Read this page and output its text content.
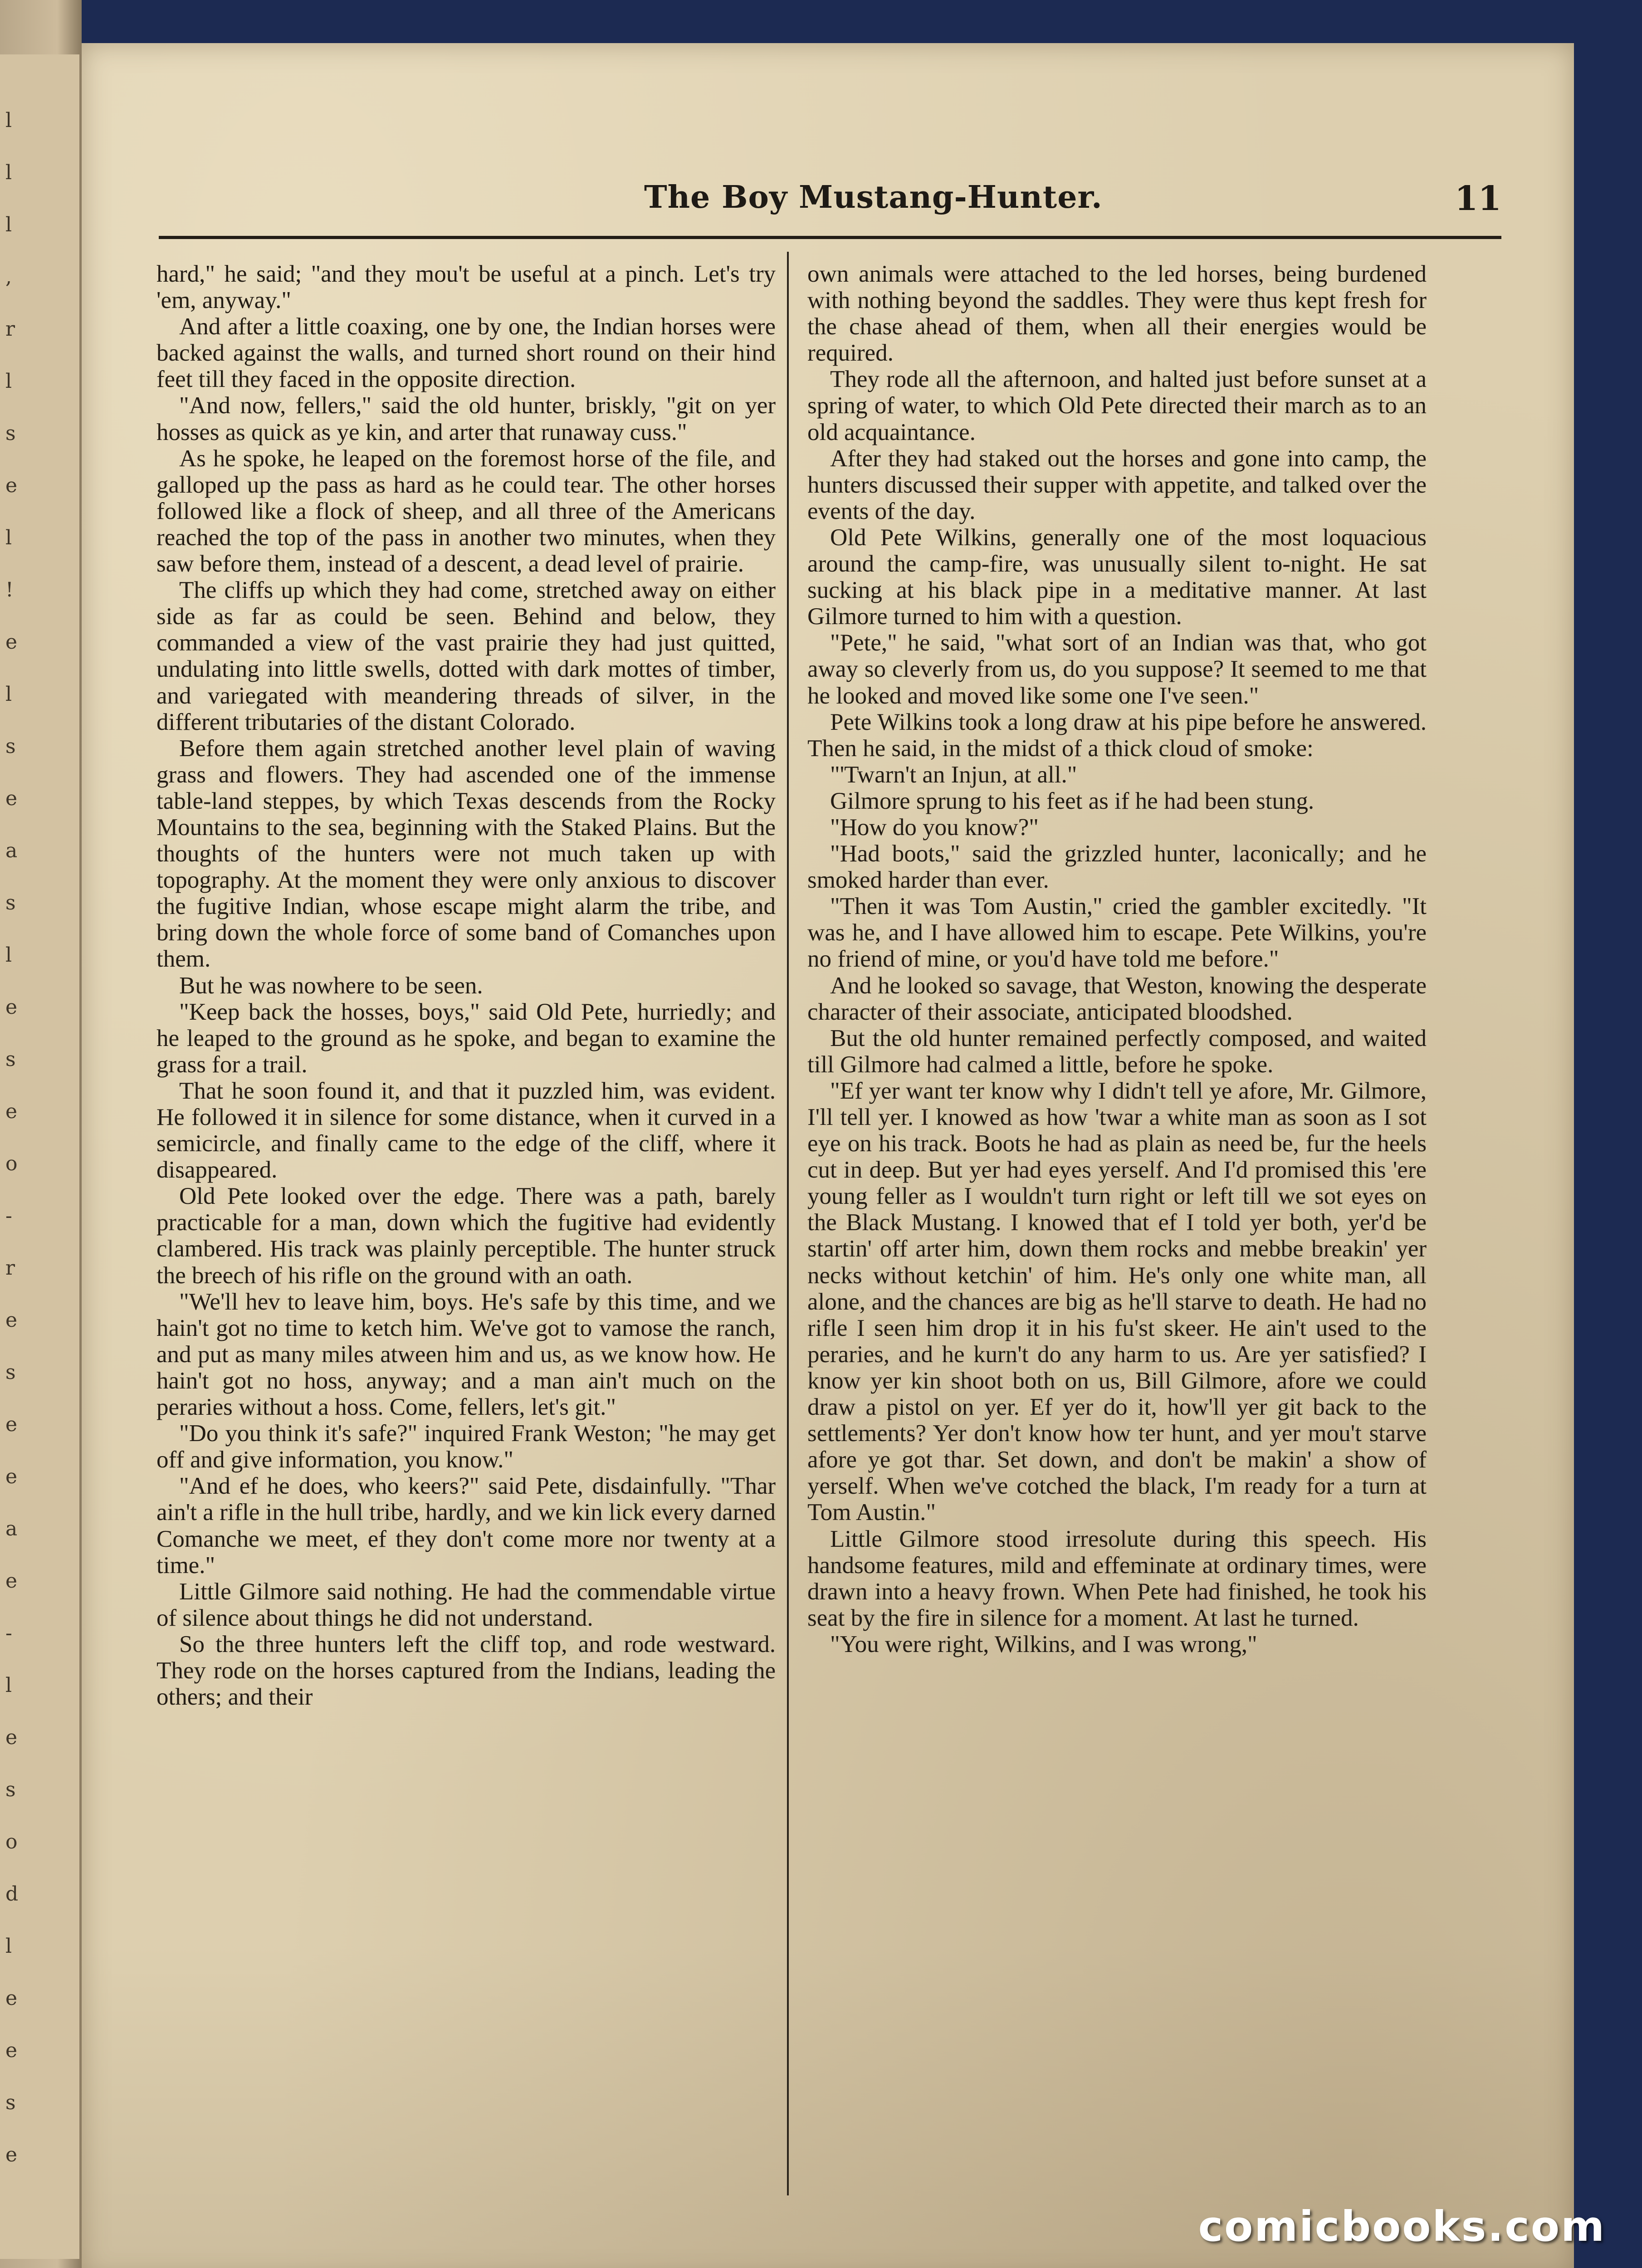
l
l
l
,
r
l
s
e
l
!
e
l
s
e
a
s
l
e
s
e
o
-
r
e
s
e
e
a
e
-
l
e
s
o
d
l
e
e
s
e
The Boy Mustang-Hunter.	11

hard," he said; "and they mou't be useful at a pinch. Let's try 'em, anyway."

And after a little coaxing, one by one, the Indian horses were backed against the walls, and turned short round on their hind feet till they faced in the opposite direction.

"And now, fellers," said the old hunter, briskly, "git on yer hosses as quick as ye kin, and arter that runaway cuss."

As he spoke, he leaped on the foremost horse of the file, and galloped up the pass as hard as he could tear. The other horses followed like a flock of sheep, and all three of the Americans reached the top of the pass in another two minutes, when they saw before them, instead of a descent, a dead level of prairie.

The cliffs up which they had come, stretched away on either side as far as could be seen. Behind and below, they commanded a view of the vast prairie they had just quitted, undulating into little swells, dotted with dark mottes of timber, and variegated with meandering threads of silver, in the different tributaries of the distant Colorado.

Before them again stretched another level plain of waving grass and flowers. They had ascended one of the immense table-land steppes, by which Texas descends from the Rocky Mountains to the sea, beginning with the Staked Plains. But the thoughts of the hunters were not much taken up with topography. At the moment they were only anxious to discover the fugitive Indian, whose escape might alarm the tribe, and bring down the whole force of some band of Comanches upon them.

But he was nowhere to be seen.

"Keep back the hosses, boys," said Old Pete, hurriedly; and he leaped to the ground as he spoke, and began to examine the grass for a trail.

That he soon found it, and that it puzzled him, was evident. He followed it in silence for some distance, when it curved in a semicircle, and finally came to the edge of the cliff, where it disappeared.

Old Pete looked over the edge. There was a path, barely practicable for a man, down which the fugitive had evidently clambered. His track was plainly perceptible. The hunter struck the breech of his rifle on the ground with an oath.

"We'll hev to leave him, boys. He's safe by this time, and we hain't got no time to ketch him. We've got to vamose the ranch, and put as many miles atween him and us, as we know how. He hain't got no hoss, anyway; and a man ain't much on the peraries without a hoss. Come, fellers, let's git."

"Do you think it's safe?" inquired Frank Weston; "he may get off and give information, you know."

"And ef he does, who keers?" said Pete, disdainfully. "Thar ain't a rifle in the hull tribe, hardly, and we kin lick every darned Comanche we meet, ef they don't come more nor twenty at a time."

Little Gilmore said nothing. He had the commendable virtue of silence about things he did not understand.

So the three hunters left the cliff top, and rode westward. They rode on the horses captured from the Indians, leading the others; and their

own animals were attached to the led horses, being burdened with nothing beyond the saddles. They were thus kept fresh for the chase ahead of them, when all their energies would be required.

They rode all the afternoon, and halted just before sunset at a spring of water, to which Old Pete directed their march as to an old acquaintance.

After they had staked out the horses and gone into camp, the hunters discussed their supper with appetite, and talked over the events of the day.

Old Pete Wilkins, generally one of the most loquacious around the camp-fire, was unusually silent to-night. He sat sucking at his black pipe in a meditative manner. At last Gilmore turned to him with a question.

"Pete," he said, "what sort of an Indian was that, who got away so cleverly from us, do you suppose? It seemed to me that he looked and moved like some one I've seen."

Pete Wilkins took a long draw at his pipe before he answered. Then he said, in the midst of a thick cloud of smoke:

"'Twarn't an Injun, at all."

Gilmore sprung to his feet as if he had been stung.

"How do you know?"

"Had boots," said the grizzled hunter, laconically; and he smoked harder than ever.

"Then it was Tom Austin," cried the gambler excitedly. "It was he, and I have allowed him to escape. Pete Wilkins, you're no friend of mine, or you'd have told me before."

And he looked so savage, that Weston, knowing the desperate character of their associate, anticipated bloodshed.

But the old hunter remained perfectly composed, and waited till Gilmore had calmed a little, before he spoke.

"Ef yer want ter know why I didn't tell ye afore, Mr. Gilmore, I'll tell yer. I knowed as how 'twar a white man as soon as I sot eye on his track. Boots he had as plain as need be, fur the heels cut in deep. But yer had eyes yerself. And I'd promised this 'ere young feller as I wouldn't turn right or left till we sot eyes on the Black Mustang. I knowed that ef I told yer both, yer'd be startin' off arter him, down them rocks and mebbe breakin' yer necks without ketchin' of him. He's only one white man, all alone, and the chances are big as he'll starve to death. He had no rifle I seen him drop it in his fu'st skeer. He ain't used to the peraries, and he kurn't do any harm to us. Are yer satisfied? I know yer kin shoot both on us, Bill Gilmore, afore we could draw a pistol on yer. Ef yer do it, how'll yer git back to the settlements? Yer don't know how ter hunt, and yer mou't starve afore ye got thar. Set down, and don't be makin' a show of yerself. When we've cotched the black, I'm ready for a turn at Tom Austin."

Little Gilmore stood irresolute during this speech. His handsome features, mild and effeminate at ordinary times, were drawn into a heavy frown. When Pete had finished, he took his seat by the fire in silence for a moment. At last he turned.

"You were right, Wilkins, and I was wrong,"

comicbooks.com
